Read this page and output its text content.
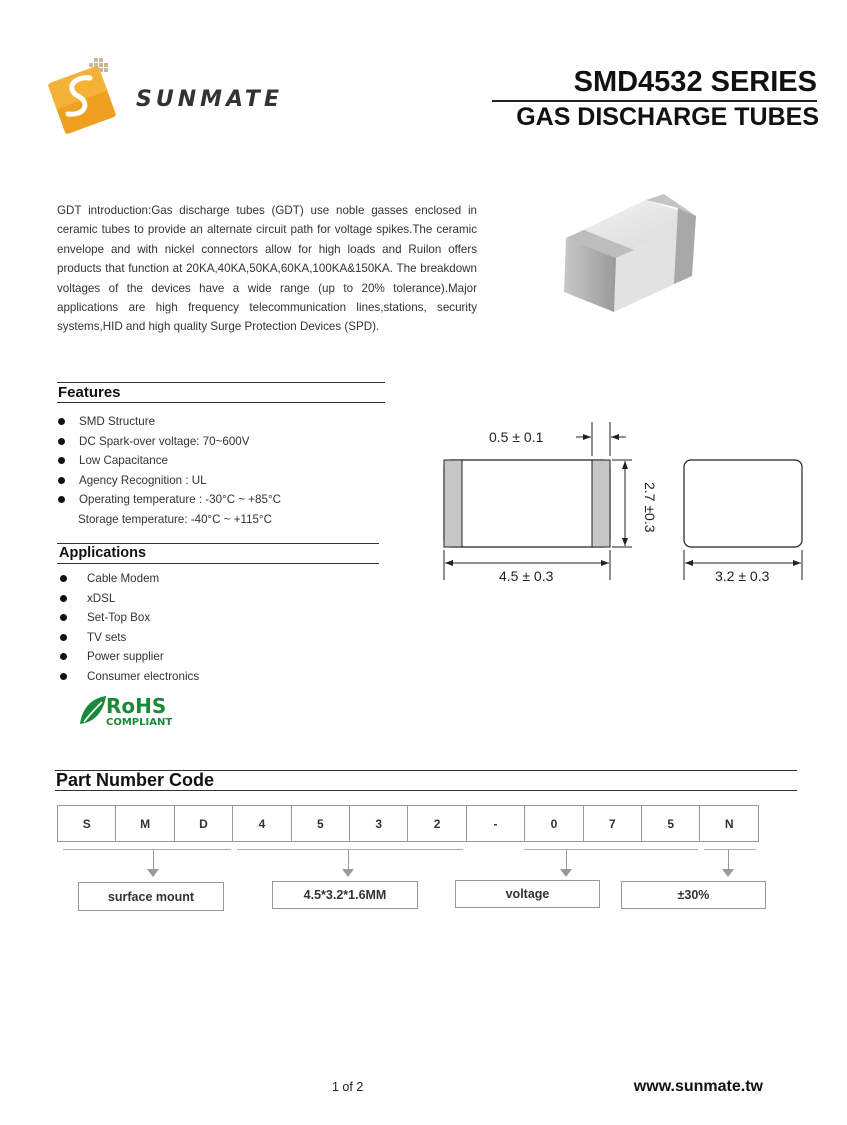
SUNMATE
SMD4532 SERIES
GAS DISCHARGE TUBES

GDT introduction:Gas discharge tubes (GDT) use noble gasses enclosed in ceramic tubes to provide an alternate circuit path for voltage spikes.The ceramic envelope and with nickel connectors allow for high loads and Ruilon offers products that function at 20KA,40KA,50KA,60KA,100KA&150KA. The breakdown voltages of the devices have a wide range (up to 20% tolerance).Major applications are high frequency telecommunication lines,stations, security systems,HID and high quality Surge Protection Devices (SPD).

Features
SMD Structure
DC Spark-over voltage: 70~600V
Low Capacitance
Agency Recognition : UL
Operating temperature : -30°C ~ +85°C
Storage temperature: -40°C ~ +115°C
Applications
Cable Modem
xDSL
Set-Top Box
TV sets
Power supplier
Consumer electronics
RoHS
COMPLIANT
0.5 ± 0.1
2.7 ±0.3
4.5 ± 0.3	3.2 ± 0.3
Part Number Code
S	M	D	4	5	3	2	-	0	7	5	N
surface mount	4.5*3.2*1.6MM	voltage	±30%
1 of 2	www.sunmate.tw
